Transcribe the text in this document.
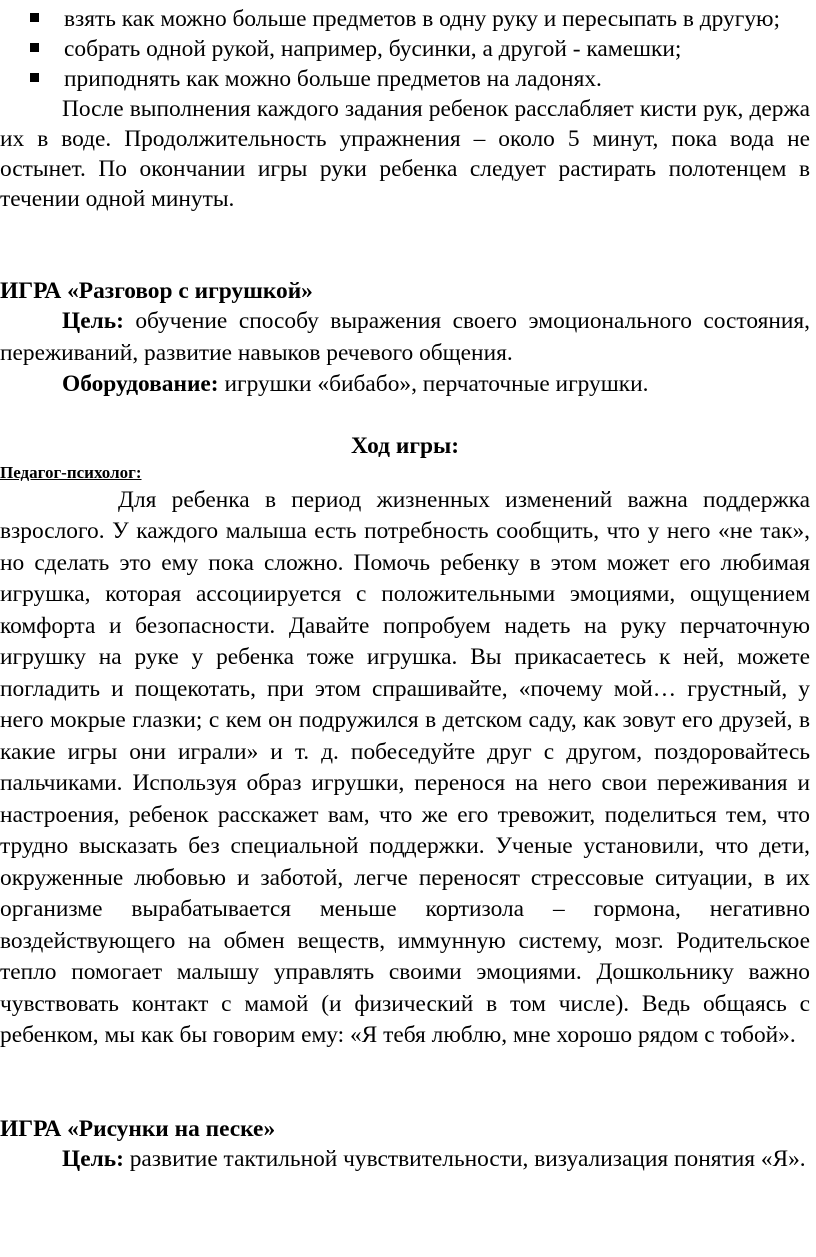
взять как можно больше предметов в одну руку и пересыпать в другую;
собрать одной рукой, например, бусинки, а другой - камешки;
приподнять как можно больше предметов на ладонях.

После выполнения каждого задания ребенок расслабляет кисти рук, держа их в воде. Продолжительность упражнения – около 5 минут, пока вода не остынет. По окончании игры руки ребенка следует растирать полотенцем в течении одной минуты.

ИГРА «Разговор с игрушкой»

Цель: обучение способу выражения своего эмоционального состояния, переживаний, развитие навыков речевого общения.

Оборудование: игрушки «бибабо», перчаточные игрушки.

Ход игры:

Педагог-психолог:

Для ребенка в период жизненных изменений важна поддержка взрослого. У каждого малыша есть потребность сообщить, что у него «не так», но сделать это ему пока сложно. Помочь ребенку в этом может его любимая игрушка, которая ассоциируется с положительными эмоциями, ощущением комфорта и безопасности. Давайте попробуем надеть на руку перчаточную игрушку на руке у ребенка тоже игрушка. Вы прикасаетесь к ней, можете погладить и пощекотать, при этом спрашивайте, «почему мой… грустный, у него мокрые глазки; с кем он подружился в детском саду, как зовут его друзей, в какие игры они играли» и т. д. побеседуйте друг с другом, поздоровайтесь пальчиками. Используя образ игрушки, перенося на него свои переживания и настроения, ребенок расскажет вам, что же его тревожит, поделиться тем, что трудно высказать без специальной поддержки. Ученые установили, что дети, окруженные любовью и заботой, легче переносят стрессовые ситуации, в их организме вырабатывается меньше кортизола – гормона, негативно воздействующего на обмен веществ, иммунную систему, мозг. Родительское тепло помогает малышу управлять своими эмоциями. Дошкольнику важно чувствовать контакт с мамой (и физический в том числе). Ведь общаясь с ребенком, мы как бы говорим ему: «Я тебя люблю, мне хорошо рядом с тобой».

ИГРА «Рисунки на песке»

Цель: развитие тактильной чувствительности, визуализация понятия «Я».
